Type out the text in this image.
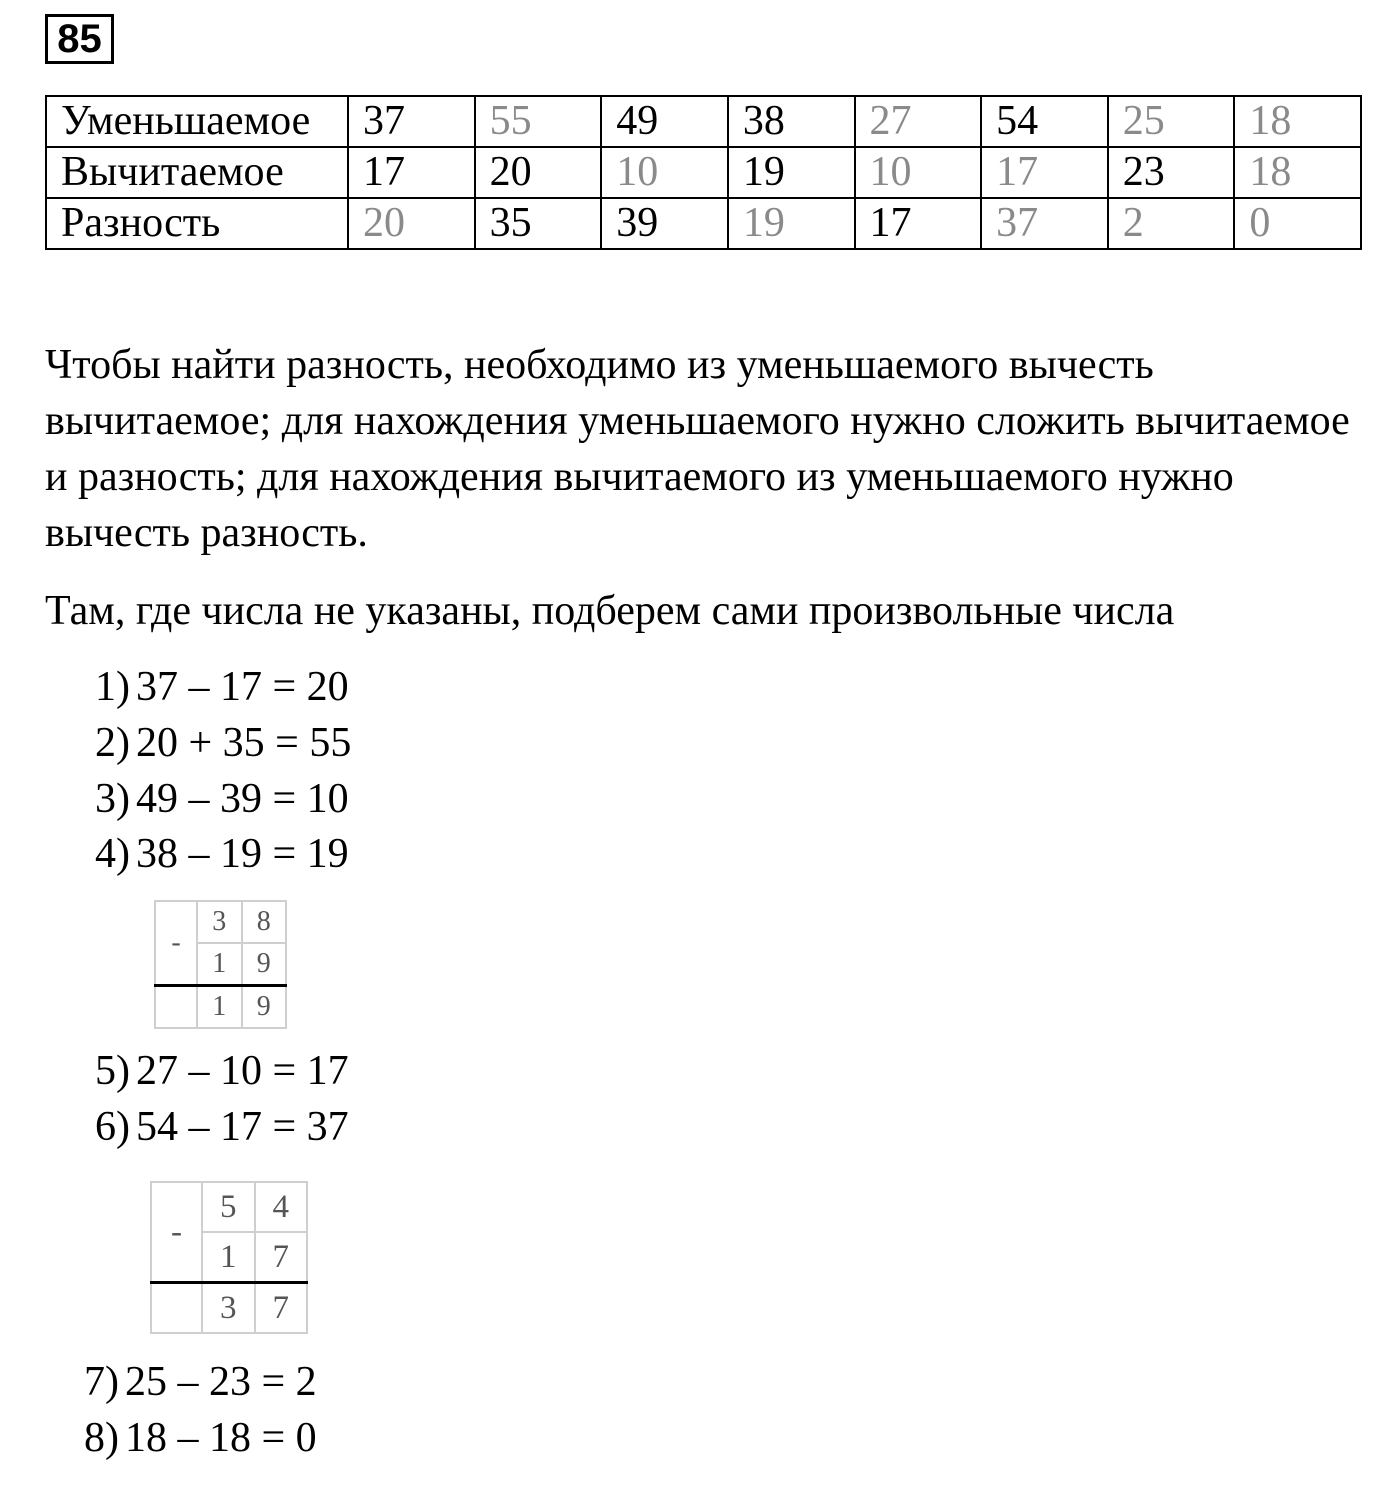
85
Уменьшаемое	37	55	49	38	27	54	25	18
Вычитаемое	17	20	10	19	10	17	23	18
Разность	20	35	39	19	17	37	2	0

Чтобы найти разность, необходимо из уменьшаемого вычесть вычитаемое; для нахождения уменьшаемого нужно сложить вычитаемое и разность; для нахождения вычитаемого из уменьшаемого нужно вычесть разность.

Там, где числа не указаны, подберем сами произвольные числа

1) 37 – 17 = 20
2) 20 + 35 = 55
3) 49 – 39 = 10
4) 38 – 19 = 19
-	3	8
	1	9
	1	9
5) 27 – 10 = 17
6) 54 – 17 = 37
-	5	4
	1	7
	3	7
7) 25 – 23 = 2
8) 18 – 18 = 0
